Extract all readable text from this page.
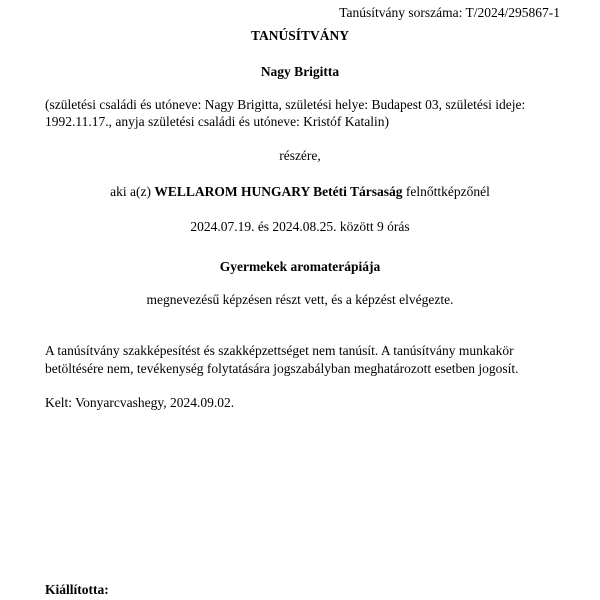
Tanúsítvány sorszáma: T/2024/295867-1
TANÚSÍTVÁNY
Nagy Brigitta
(születési családi és utóneve: Nagy Brigitta, születési helye: Budapest 03, születési ideje:
1992.11.17., anyja születési családi és utóneve: Kristóf Katalin)
részére,
aki a(z) WELLAROM HUNGARY Betéti Társaság felnőttképzőnél
2024.07.19. és 2024.08.25. között 9 órás
Gyermekek aromaterápiája
megnevezésű képzésen részt vett, és a képzést elvégezte.
A tanúsítvány szakképesítést és szakképzettséget nem tanúsít. A tanúsítvány munkakör
betöltésére nem, tevékenység folytatására jogszabályban meghatározott esetben jogosít.
Kelt: Vonyarcvashegy, 2024.09.02.
Kiállította:
